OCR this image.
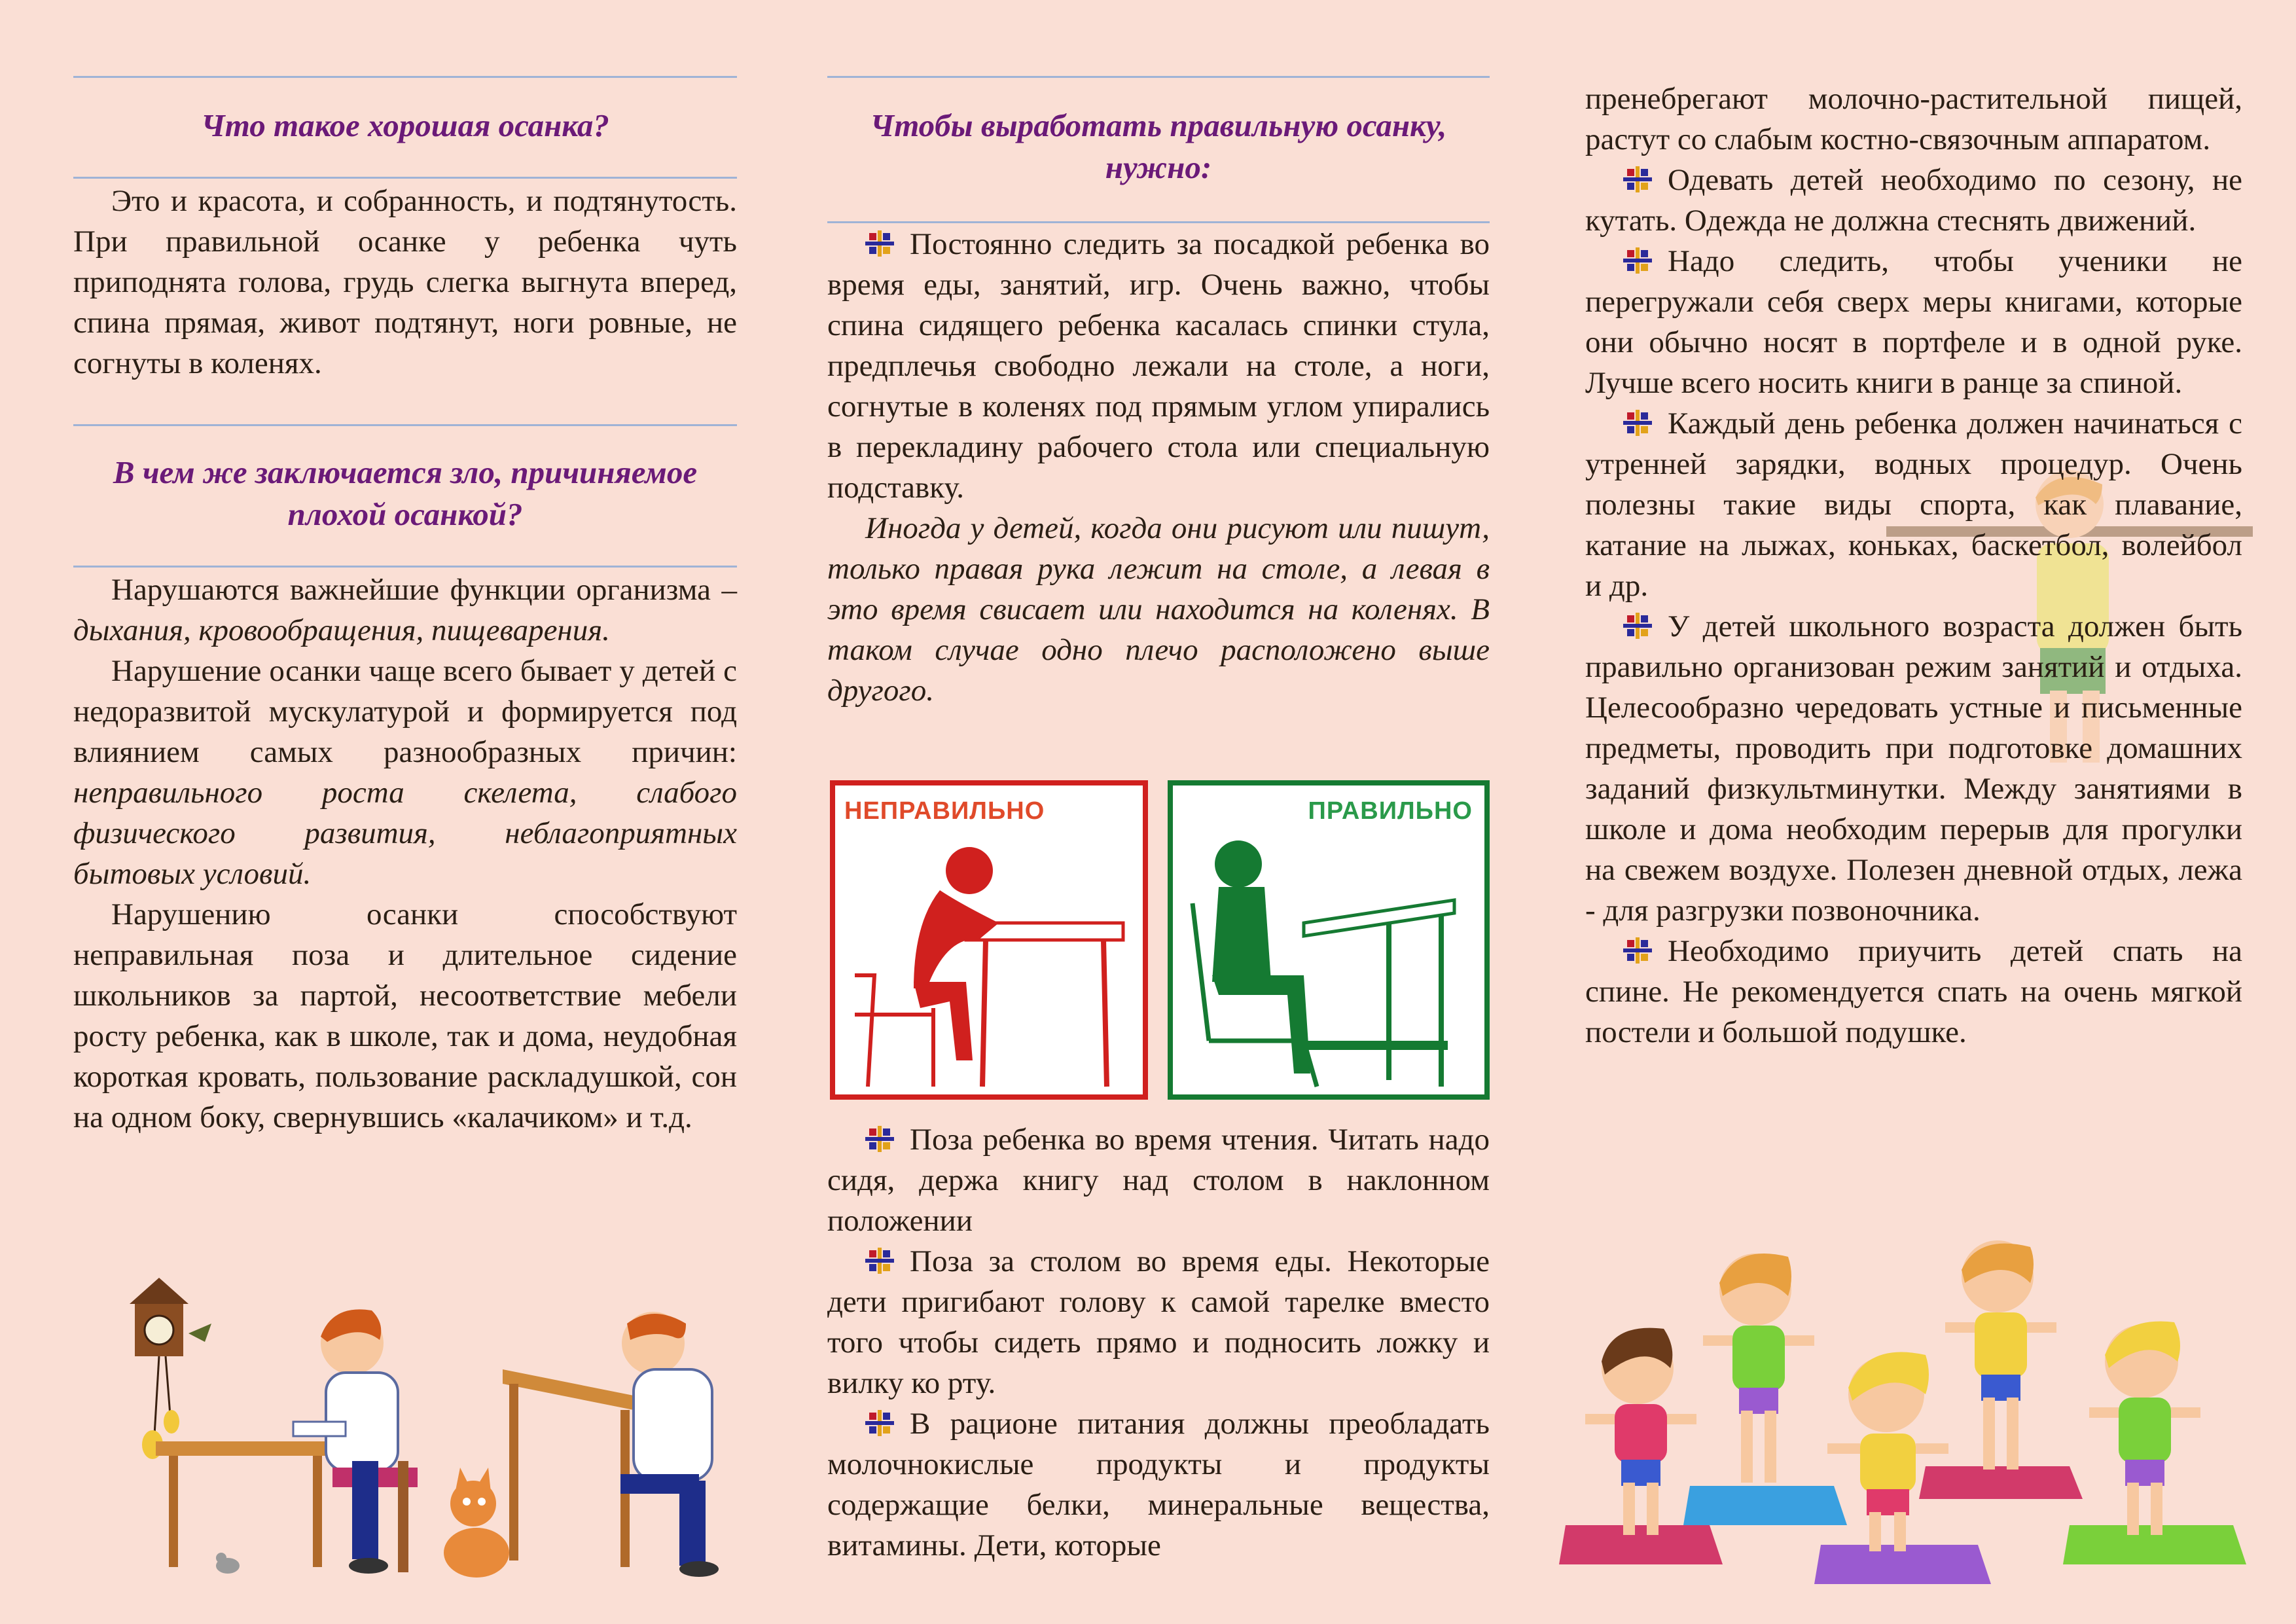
Что такое хорошая осанка?

Это и красота, и собранность, и подтянутость. При правильной осанке у ребенка чуть приподнята голова, грудь слегка выгнута вперед, спина прямая, живот подтянут, ноги ровные, не согнуты в коленях.

В чем же заключается зло, причиняемое плохой осанкой?

Нарушаются важнейшие функции организма – дыхания, кровообращения, пищеварения.

Нарушение осанки чаще всего бывает у детей с недоразвитой мускулатурой и формируется под влиянием самых разнообразных причин: неправильного роста скелета, слабого физического развития, неблагоприятных бытовых условий.

Нарушению осанки способствуют неправильная поза и длительное сидение школьников за партой, несоответствие мебели росту ребенка, как в школе, так и дома, неудобная короткая кровать, пользование раскладушкой, сон на одном боку, свернувшись «калачиком» и т.д.

Чтобы выработать правильную осанку, нужно:

Постоянно следить за посадкой ребенка во время еды, занятий, игр. Очень важно, чтобы спина сидящего ребенка касалась спинки стула, предплечья свободно лежали на столе, а ноги, согнутые в коленях под прямым углом упирались в перекладину рабочего стола или специальную подставку.

Иногда у детей, когда они рисуют или пишут, только правая рука лежит на столе, а левая в это время свисает или находится на коленях. В таком случае одно плечо расположено выше другого.

НЕПРАВИЛЬНО	ПРАВИЛЬНО

Поза ребенка во время чтения. Читать надо сидя, держа книгу над столом в наклонном положении

Поза за столом во время еды. Некоторые дети пригибают голову к самой тарелке вместо того чтобы сидеть прямо и подносить ложку и вилку ко рту.

В рационе питания должны преобладать молочнокислые продукты и продукты содержащие белки, минеральные вещества, витамины. Дети, которые

пренебрегают молочно-растительной пищей, растут со слабым костно-связочным аппаратом.

Одевать детей необходимо по сезону, не кутать. Одежда не должна стеснять движений.

Надо следить, чтобы ученики не перегружали себя сверх меры книгами, которые они обычно носят в портфеле и в одной руке. Лучше всего носить книги в ранце за спиной.

Каждый день ребенка должен начинаться с утренней зарядки, водных процедур. Очень полезны такие виды спорта, как плавание, катание на лыжах, коньках, баскетбол, волейбол и др.

У детей школьного возраста должен быть правильно организован режим занятий и отдыха. Целесообразно чередовать устные и письменные предметы, проводить при подготовке домашних заданий физкультминутки. Между занятиями в школе и дома необходим перерыв для прогулки на свежем воздухе. Полезен дневной отдых, лежа - для разгрузки позвоночника.

Необходимо приучить детей спать на спине. Не рекомендуется спать на очень мягкой постели и большой подушке.
